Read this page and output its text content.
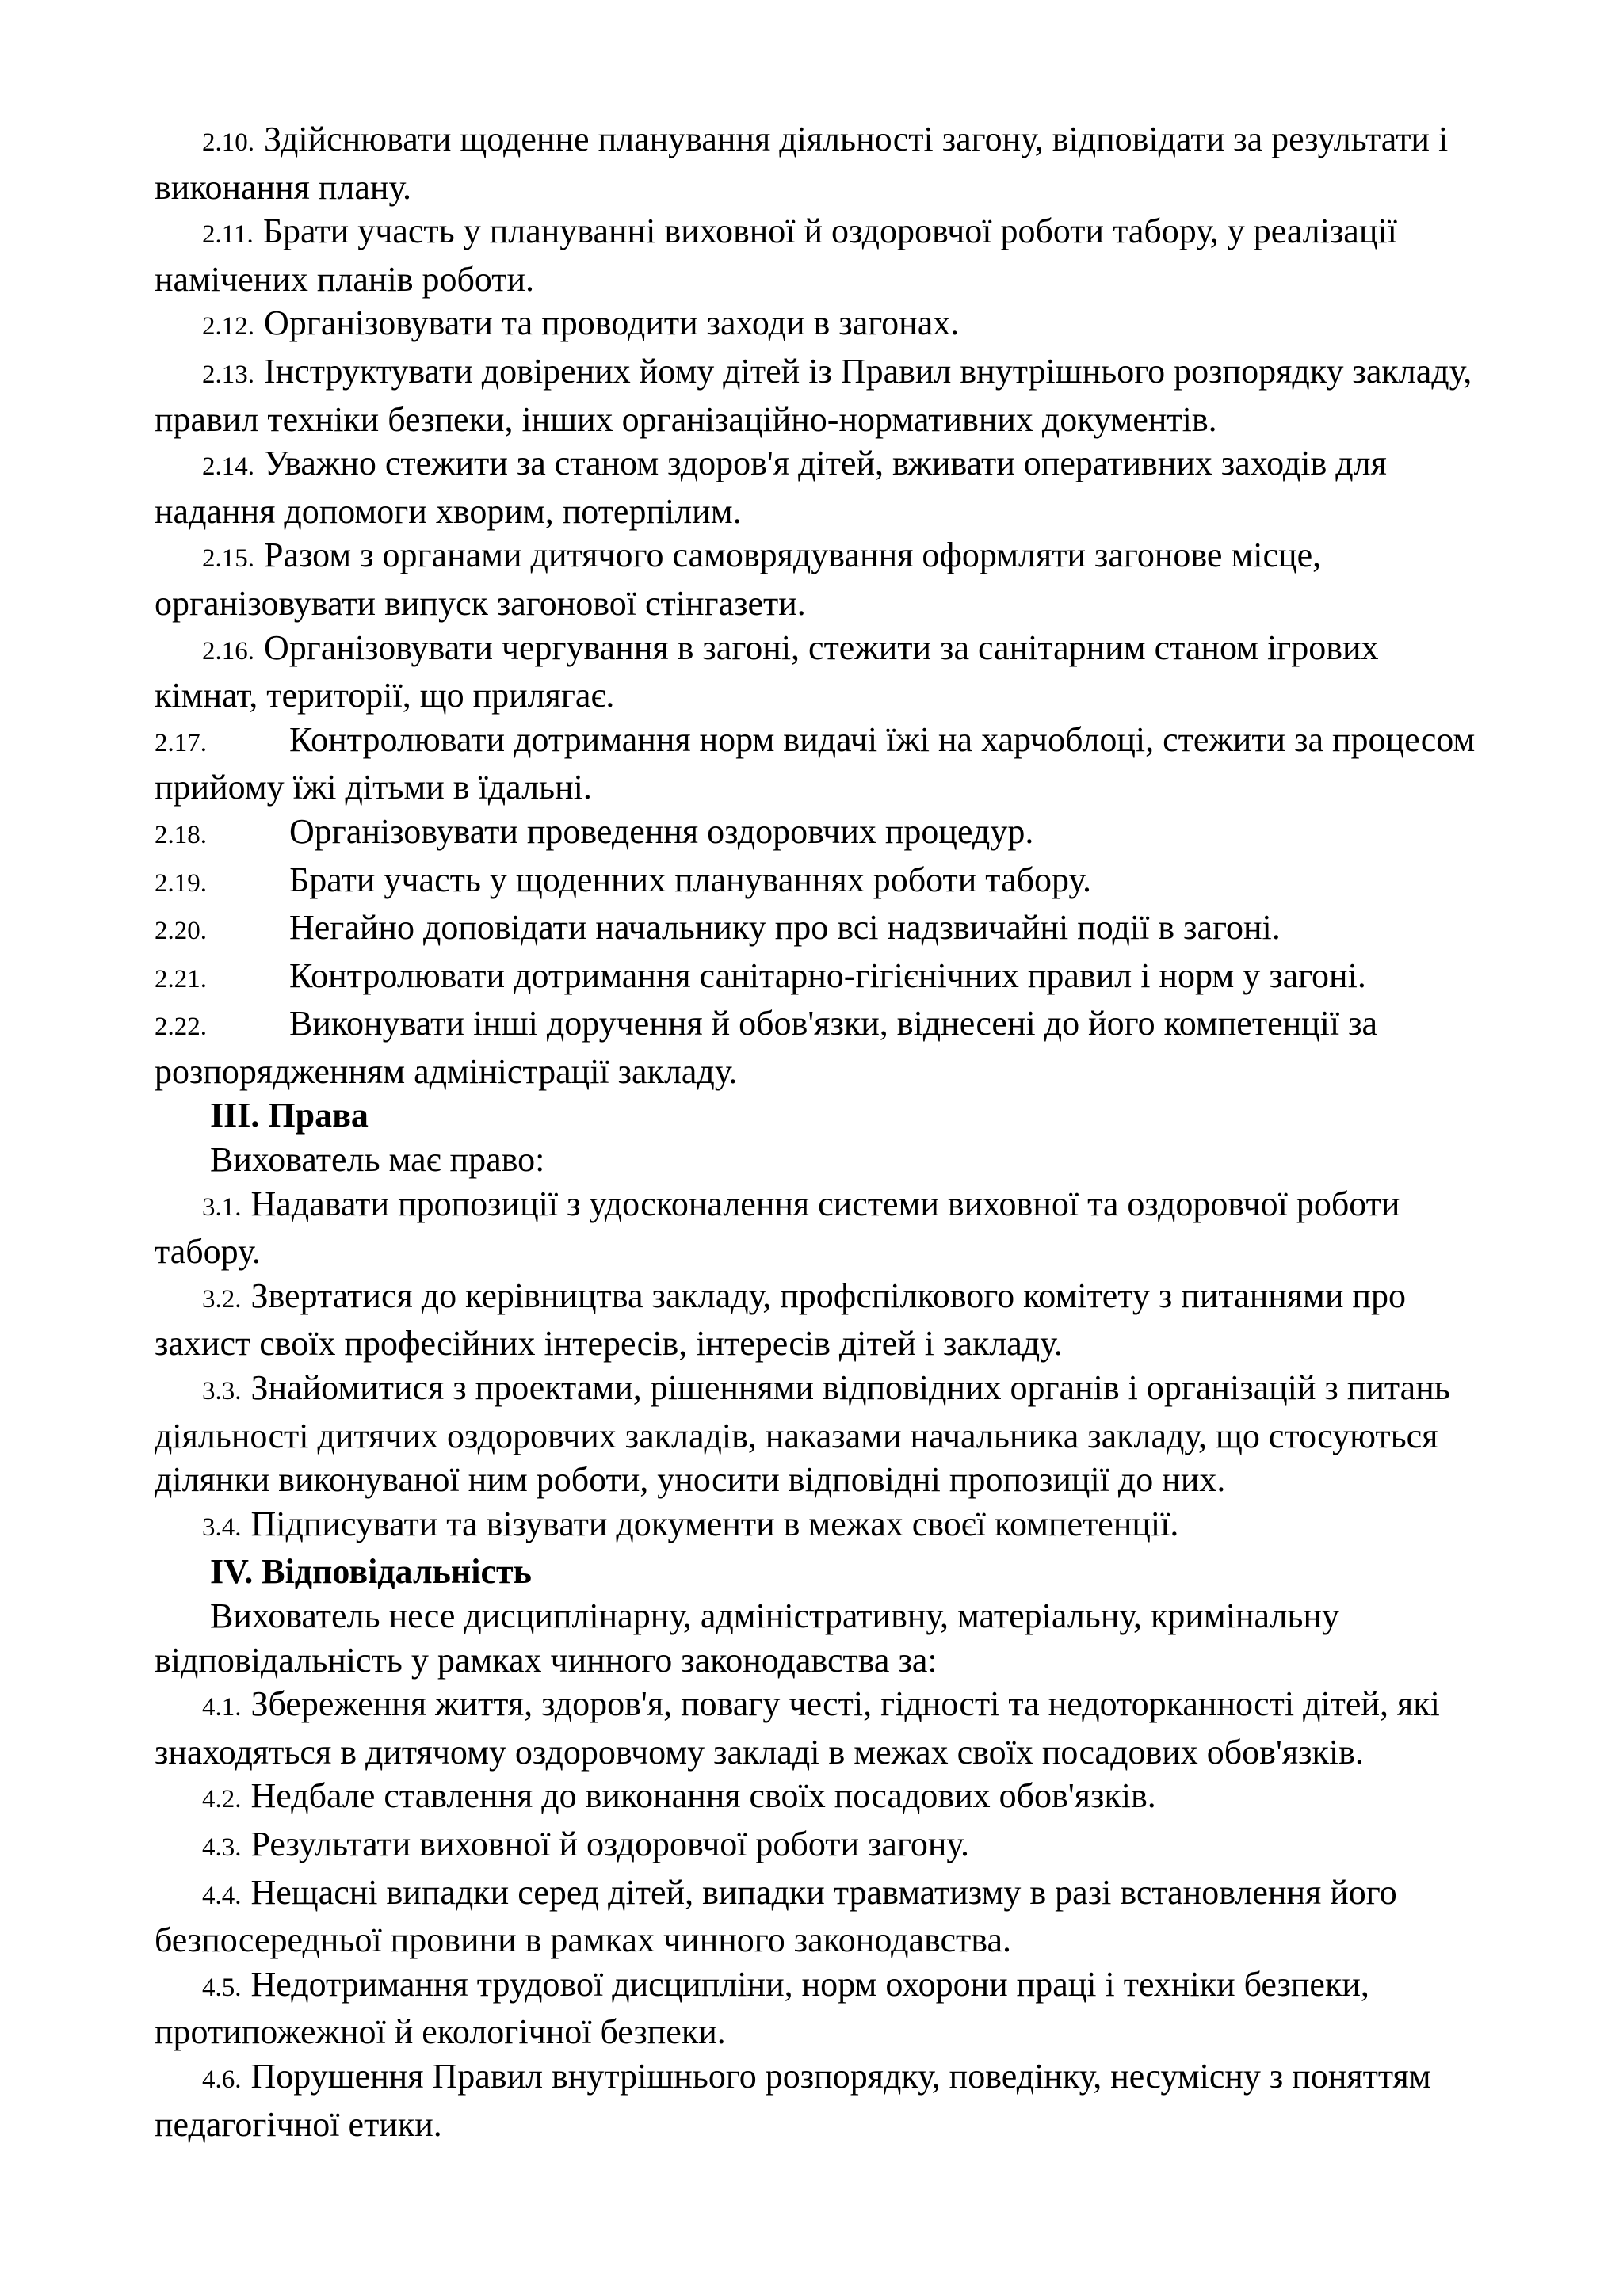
2.10. Здійснювати щоденне планування діяльності загону, відповідати за результати і виконання плану.

2.11. Брати участь у плануванні виховної й оздоровчої роботи табору, у реалізації намічених планів роботи.

2.12. Організовувати та проводити заходи в загонах.

2.13. Інструктувати довірених йому дітей із Правил внутрішнього розпорядку закладу, правил техніки безпеки, інших організаційно-нормативних документів.

2.14. Уважно стежити за станом здоров'я дітей, вживати оперативних заходів для надання допомоги хворим, потерпілим.

2.15. Разом з органами дитячого самоврядування оформляти загонове місце, організовувати випуск загонової стінгазети.

2.16. Організовувати чергування в загоні, стежити за санітарним станом ігрових кімнат, території, що прилягає.

2.17. Контролювати дотримання норм видачі їжі на харчоблоці, стежити за процесом прийому їжі дітьми в їдальні.

2.18. Організовувати проведення оздоровчих процедур.

2.19. Брати участь у щоденних плануваннях роботи табору.

2.20. Негайно доповідати начальнику про всі надзвичайні події в загоні.

2.21. Контролювати дотримання санітарно-гігієнічних правил і норм у загоні.

2.22. Виконувати інші доручення й обов'язки, віднесені до його компетенції за розпорядженням адміністрації закладу.

ІІІ. Права

Вихователь має право:

3.1. Надавати пропозиції з удосконалення системи виховної та оздоровчої роботи табору.

3.2. Звертатися до керівництва закладу, профспілкового комітету з питаннями про захист своїх професійних інтересів, інтересів дітей і закладу.

3.3. Знайомитися з проектами, рішеннями відповідних органів і організацій з питань діяльності дитячих оздоровчих закладів, наказами начальника закладу, що стосуються ділянки виконуваної ним роботи, уносити відповідні пропозиції до них.

3.4. Підписувати та візувати документи в межах своєї компетенції.

IV. Відповідальність

Вихователь несе дисциплінарну, адміністративну, матеріальну, кримінальну відповідальність у рамках чинного законодавства за:

4.1. Збереження життя, здоров'я, повагу честі, гідності та недоторканності дітей, які знаходяться в дитячому оздоровчому закладі в межах своїх посадових обов'язків.

4.2. Недбале ставлення до виконання своїх посадових обов'язків.

4.3. Результати виховної й оздоровчої роботи загону.

4.4. Нещасні випадки серед дітей, випадки травматизму в разі встановлення його безпосередньої провини в рамках чинного законодавства.

4.5. Недотримання трудової дисципліни, норм охорони праці і техніки безпеки, протипожежної й екологічної безпеки.

4.6. Порушення Правил внутрішнього розпорядку, поведінку, несумісну з поняттям педагогічної етики.
